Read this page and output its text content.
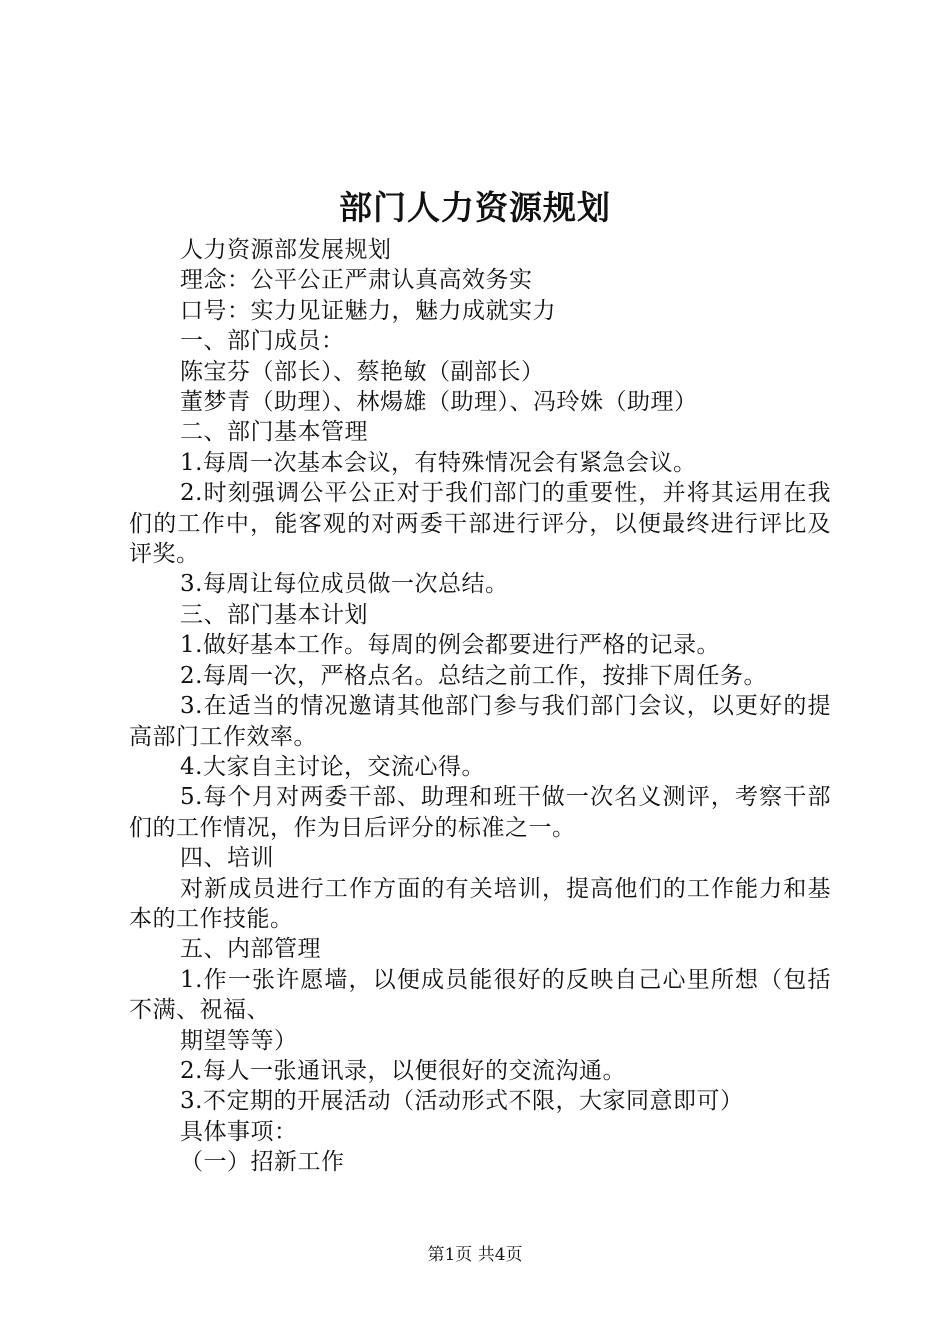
部门人力资源规划

人力资源部发展规划

理念：公平公正严肃认真高效务实

口号：实力见证魅力，魅力成就实力

一、部门成员：

陈宝芬（部长）、蔡艳敏（副部长）

董梦青（助理）、林煬雄（助理）、冯玲姝（助理）

二、部门基本管理

1.每周一次基本会议，有特殊情况会有紧急会议。

2.时刻强调公平公正对于我们部门的重要性，并将其运用在我们的工作中，能客观的对两委干部进行评分，以便最终进行评比及评奖。

3.每周让每位成员做一次总结。

三、部门基本计划

1.做好基本工作。每周的例会都要进行严格的记录。

2.每周一次，严格点名。总结之前工作，按排下周任务。

3.在适当的情况邀请其他部门参与我们部门会议，以更好的提高部门工作效率。

4.大家自主讨论，交流心得。

5.每个月对两委干部、助理和班干做一次名义测评，考察干部们的工作情况，作为日后评分的标准之一。

四、培训

对新成员进行工作方面的有关培训，提高他们的工作能力和基本的工作技能。

五、内部管理

1.作一张许愿墙，以便成员能很好的反映自己心里所想（包括不满、祝福、

期望等等）

2.每人一张通讯录，以便很好的交流沟通。

3.不定期的开展活动（活动形式不限，大家同意即可）

具体事项：

（一）招新工作

第1页 共4页
